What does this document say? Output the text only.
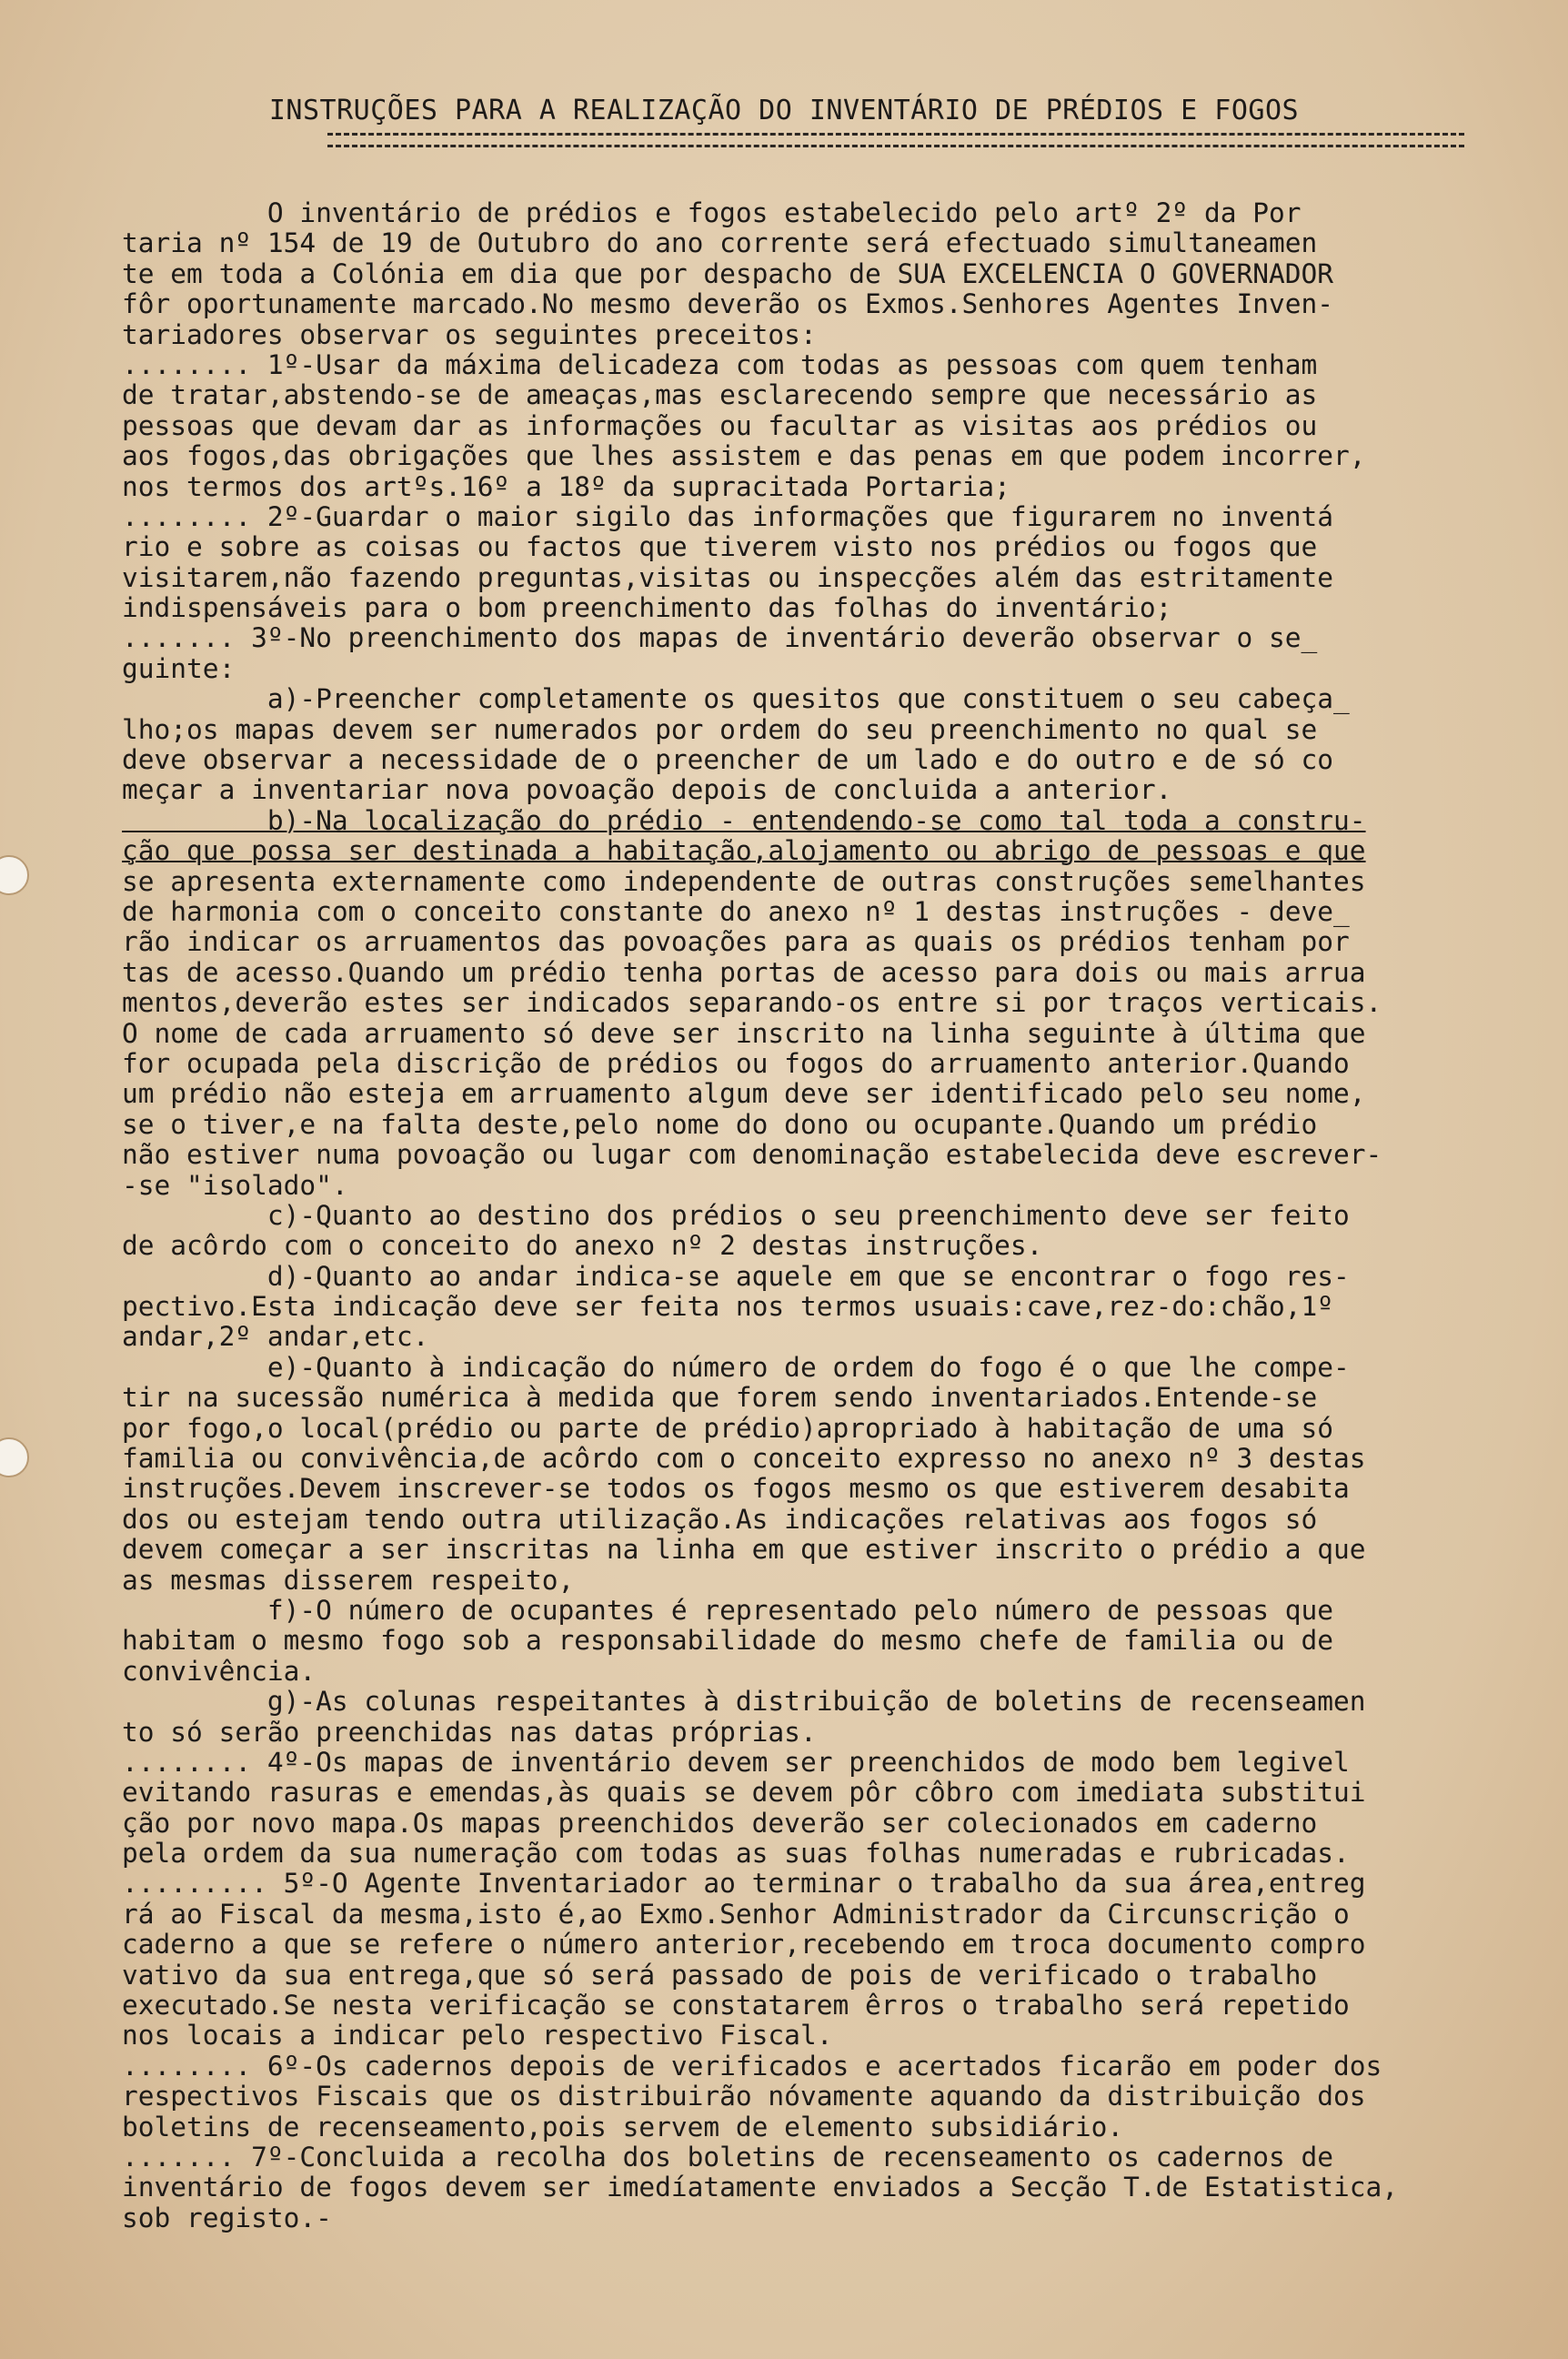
INSTRUÇÕES PARA A REALIZAÇÃO DO INVENTÁRIO DE PRÉDIOS E FOGOS
O inventário de prédios e fogos estabelecido pelo artº 2º da Por
taria nº 154 de 19 de Outubro do ano corrente será efectuado simultaneamen
te em toda a Colónia em dia que por despacho de SUA EXCELENCIA O GOVERNADOR
fôr oportunamente marcado.No mesmo deverão os Exmos.Senhores Agentes Inven-
tariadores observar os seguintes preceitos:
........ 1º-Usar da máxima delicadeza com todas as pessoas com quem tenham
de tratar,abstendo-se de ameaças,mas esclarecendo sempre que necessário as
pessoas que devam dar as informações ou facultar as visitas aos prédios ou
aos fogos,das obrigações que lhes assistem e das penas em que podem incorrer,
nos termos dos artºs.16º a 18º da supracitada Portaria;
........ 2º-Guardar o maior sigilo das informações que figurarem no inventá
rio e sobre as coisas ou factos que tiverem visto nos prédios ou fogos que
visitarem,não fazendo preguntas,visitas ou inspecções além das estritamente
indispensáveis para o bom preenchimento das folhas do inventário;
....... 3º-No preenchimento dos mapas de inventário deverão observar o se_
guinte:
a)-Preencher completamente os quesitos que constituem o seu cabeça_
lho;os mapas devem ser numerados por ordem do seu preenchimento no qual se
deve observar a necessidade de o preencher de um lado e do outro e de só co
meçar a inventariar nova povoação depois de concluida a anterior.
b)-Na localização do prédio - entendendo-se como tal toda a constru-
ção que possa ser destinada a habitação,alojamento ou abrigo de pessoas e que
se apresenta externamente como independente de outras construções semelhantes
de harmonia com o conceito constante do anexo nº 1 destas instruções - deve_
rão indicar os arruamentos das povoações para as quais os prédios tenham por
tas de acesso.Quando um prédio tenha portas de acesso para dois ou mais arrua
mentos,deverão estes ser indicados separando-os entre si por traços verticais.
O nome de cada arruamento só deve ser inscrito na linha seguinte à última que
for ocupada pela discrição de prédios ou fogos do arruamento anterior.Quando
um prédio não esteja em arruamento algum deve ser identificado pelo seu nome,
se o tiver,e na falta deste,pelo nome do dono ou ocupante.Quando um prédio
não estiver numa povoação ou lugar com denominação estabelecida deve escrever-
-se "isolado".
c)-Quanto ao destino dos prédios o seu preenchimento deve ser feito
de acôrdo com o conceito do anexo nº 2 destas instruções.
d)-Quanto ao andar indica-se aquele em que se encontrar o fogo res-
pectivo.Esta indicação deve ser feita nos termos usuais:cave,rez-do:chão,1º
andar,2º andar,etc.
e)-Quanto à indicação do número de ordem do fogo é o que lhe compe-
tir na sucessão numérica à medida que forem sendo inventariados.Entende-se
por fogo,o local(prédio ou parte de prédio)apropriado à habitação de uma só
familia ou convivência,de acôrdo com o conceito expresso no anexo nº 3 destas
instruções.Devem inscrever-se todos os fogos mesmo os que estiverem desabita
dos ou estejam tendo outra utilização.As indicações relativas aos fogos só
devem começar a ser inscritas na linha em que estiver inscrito o prédio a que
as mesmas disserem respeito,
f)-O número de ocupantes é representado pelo número de pessoas que
habitam o mesmo fogo sob a responsabilidade do mesmo chefe de familia ou de
convivência.
g)-As colunas respeitantes à distribuição de boletins de recenseamen
to só serão preenchidas nas datas próprias.
........ 4º-Os mapas de inventário devem ser preenchidos de modo bem legivel
evitando rasuras e emendas,às quais se devem pôr côbro com imediata substitui
ção por novo mapa.Os mapas preenchidos deverão ser colecionados em caderno
pela ordem da sua numeração com todas as suas folhas numeradas e rubricadas.
......... 5º-O Agente Inventariador ao terminar o trabalho da sua área,entreg
rá ao Fiscal da mesma,isto é,ao Exmo.Senhor Administrador da Circunscrição o
caderno a que se refere o número anterior,recebendo em troca documento compro
vativo da sua entrega,que só será passado de pois de verificado o trabalho
executado.Se nesta verificação se constatarem êrros o trabalho será repetido
nos locais a indicar pelo respectivo Fiscal.
........ 6º-Os cadernos depois de verificados e acertados ficarão em poder dos
respectivos Fiscais que os distribuirão nóvamente aquando da distribuição dos
boletins de recenseamento,pois servem de elemento subsidiário.
....... 7º-Concluida a recolha dos boletins de recenseamento os cadernos de
inventário de fogos devem ser imedíatamente enviados a Secção T.de Estatistica,
sob registo.-
